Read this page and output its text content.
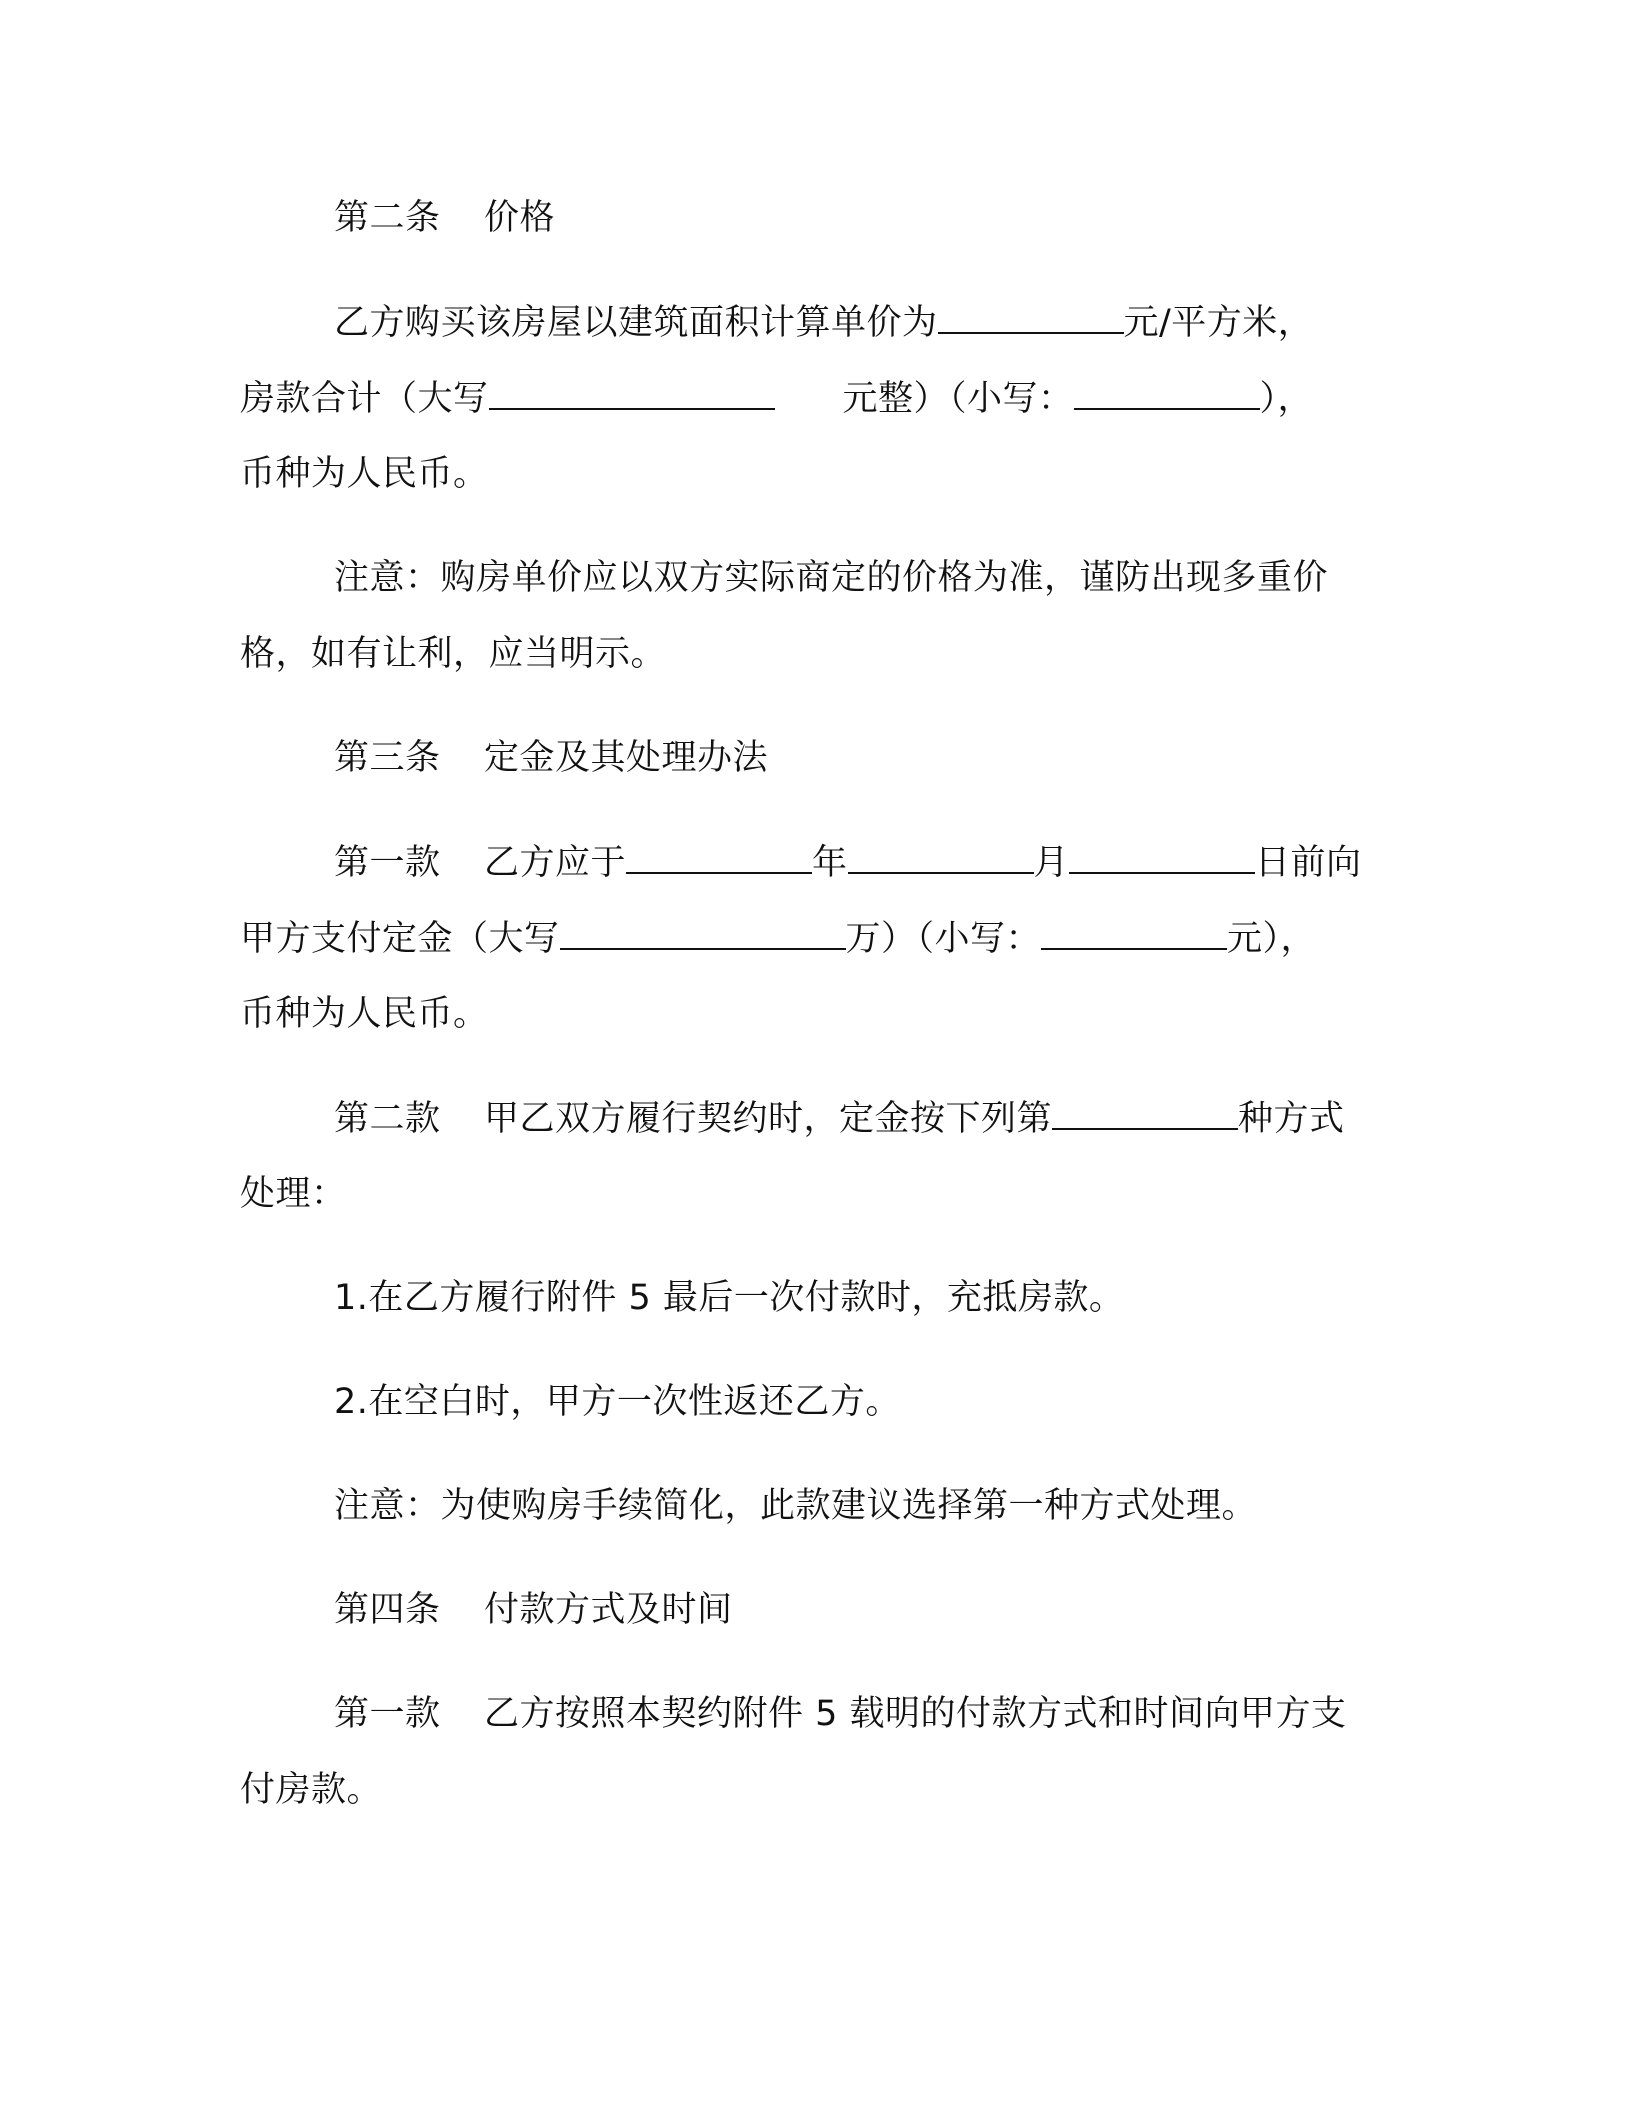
第二条 价格
乙方购买该房屋以建筑面积计算单价为	元/平方米，
房款合计（大写	元整）（小写：	），
币种为人民币。
注意：购房单价应以双方实际商定的价格为准，谨防出现多重价
格，如有让利，应当明示。
第三条 定金及其处理办法
第一款 乙方应于	年	月	日前向
甲方支付定金（大写	万）（小写：	元），
币种为人民币。
第二款 甲乙双方履行契约时，定金按下列第	种方式
处理：
1.在乙方履行附件 5 最后一次付款时，充抵房款。
2.在空白时，甲方一次性返还乙方。
注意：为使购房手续简化，此款建议选择第一种方式处理。
第四条 付款方式及时间
第一款 乙方按照本契约附件 5 载明的付款方式和时间向甲方支
付房款。
